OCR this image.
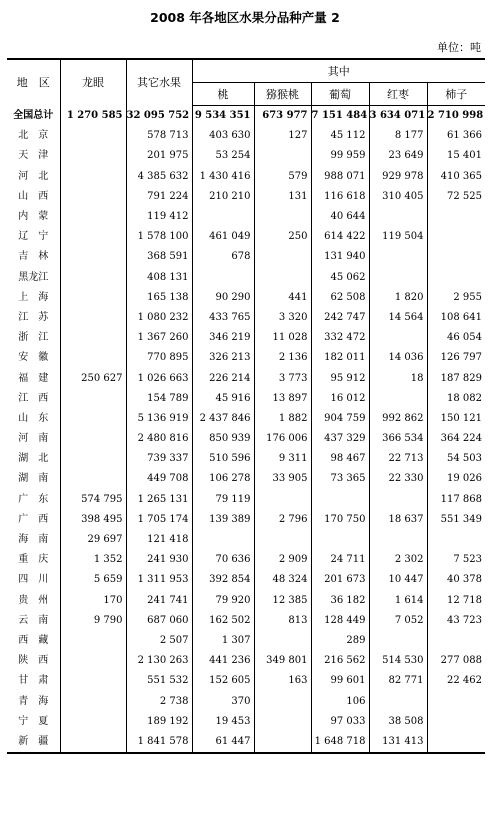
2008 年各地区水果分品种产量 2
单位：吨
地　区	龙眼	其它水果	其中				
			桃	猕猴桃	葡萄	红枣	柿子
全国总计	1 270 585	32 095 752	9 534 351	673 977	7 151 484	3 634 071	2 710 998
北　京		578 713	403 630	127	45 112	8 177	61 366
天　津		201 975	53 254		99 959	23 649	15 401
河　北		4 385 632	1 430 416	579	988 071	929 978	410 365
山　西		791 224	210 210	131	116 618	310 405	72 525
内　蒙		119 412			40 644		
辽　宁		1 578 100	461 049	250	614 422	119 504	
吉　林		368 591	678		131 940		
黑龙江		408 131			45 062		
上　海		165 138	90 290	441	62 508	1 820	2 955
江　苏		1 080 232	433 765	3 320	242 747	14 564	108 641
浙　江		1 367 260	346 219	11 028	332 472		46 054
安　徽		770 895	326 213	2 136	182 011	14 036	126 797
福　建	250 627	1 026 663	226 214	3 773	95 912	18	187 829
江　西		154 789	45 916	13 897	16 012		18 082
山　东		5 136 919	2 437 846	1 882	904 759	992 862	150 121
河　南		2 480 816	850 939	176 006	437 329	366 534	364 224
湖　北		739 337	510 596	9 311	98 467	22 713	54 503
湖　南		449 708	106 278	33 905	73 365	22 330	19 026
广　东	574 795	1 265 131	79 119				117 868
广　西	398 495	1 705 174	139 389	2 796	170 750	18 637	551 349
海　南	29 697	121 418					
重　庆	1 352	241 930	70 636	2 909	24 711	2 302	7 523
四　川	5 659	1 311 953	392 854	48 324	201 673	10 447	40 378
贵　州	170	241 741	79 920	12 385	36 182	1 614	12 718
云　南	9 790	687 060	162 502	813	128 449	7 052	43 723
西　藏		2 507	1 307		289		
陕　西		2 130 263	441 236	349 801	216 562	514 530	277 088
甘　肃		551 532	152 605	163	99 601	82 771	22 462
青　海		2 738	370		106		
宁　夏		189 192	19 453		97 033	38 508	
新　疆		1 841 578	61 447		1 648 718	131 413	
